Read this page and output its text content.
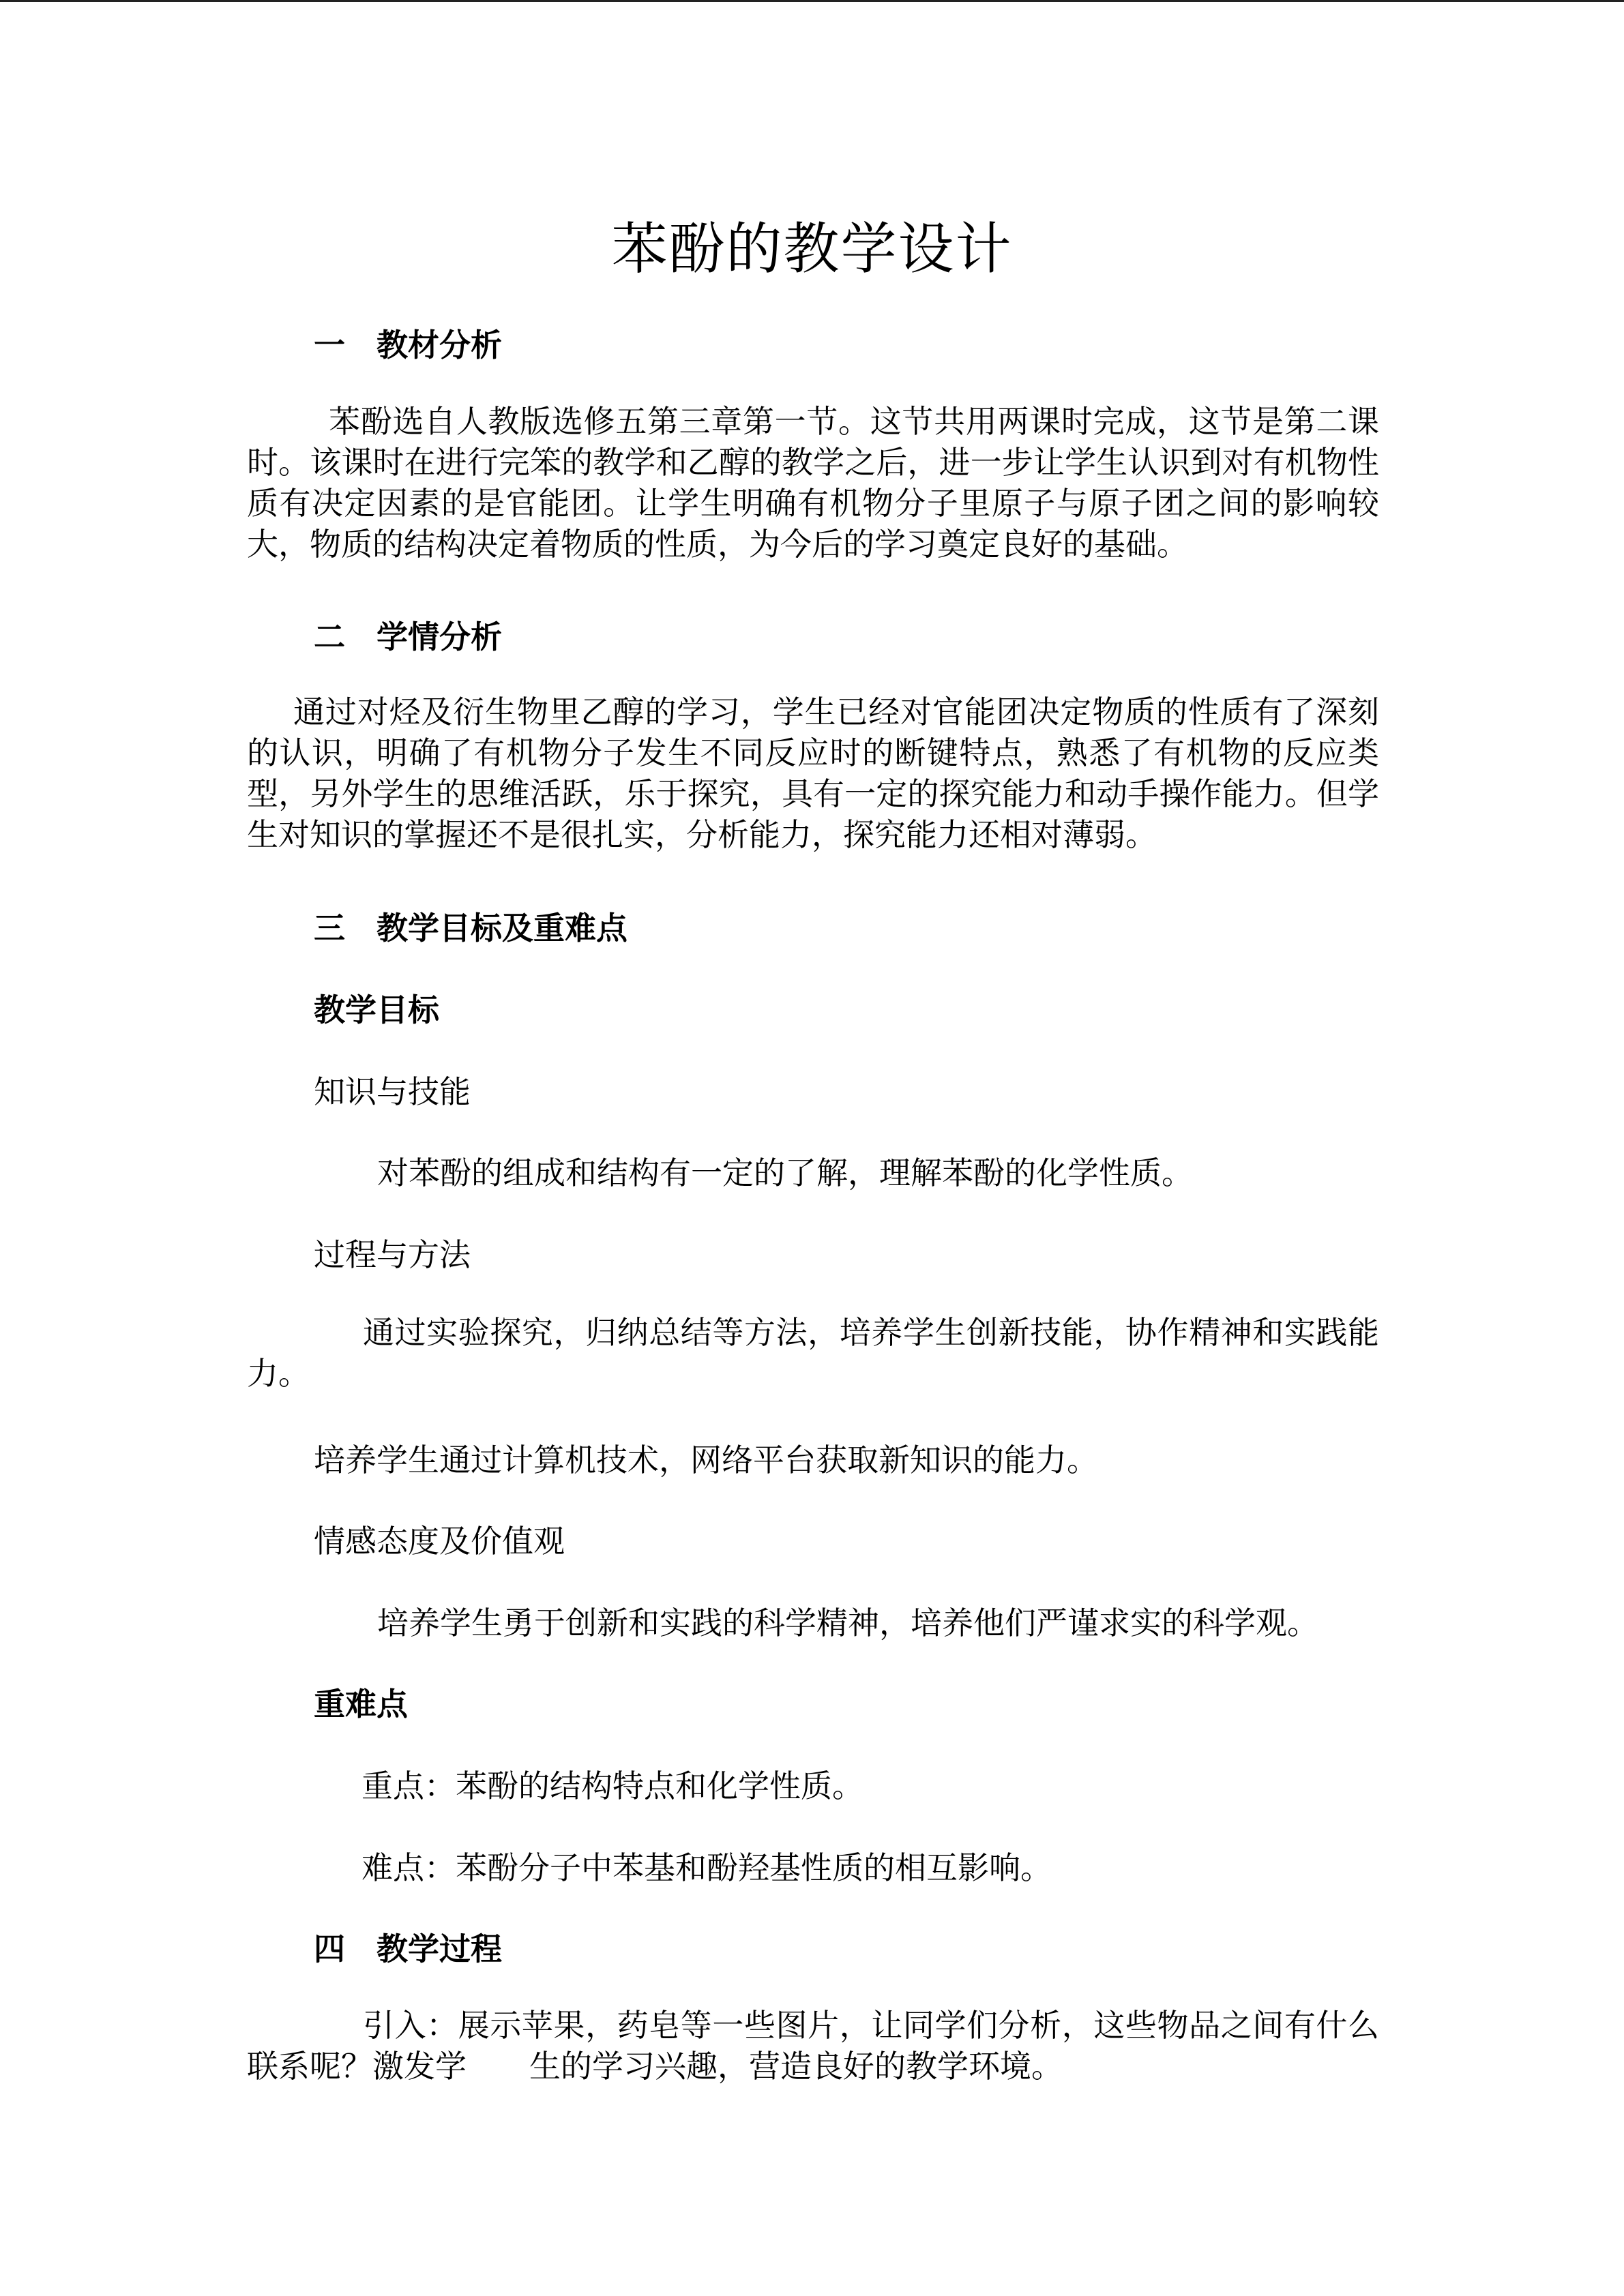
苯酚的教学设计
一 教材分析
苯酚选自人教版选修五第三章第一节。这节共用两课时完成，这节是第二课时。该课时在进行完笨的教学和乙醇的教学之后，进一步让学生认识到对有机物性质有决定因素的是官能团。让学生明确有机物分子里原子与原子团之间的影响较大，物质的结构决定着物质的性质，为今后的学习奠定良好的基础。
二 学情分析
通过对烃及衍生物里乙醇的学习，学生已经对官能团决定物质的性质有了深刻的认识，明确了有机物分子发生不同反应时的断键特点，熟悉了有机物的反应类型，另外学生的思维活跃，乐于探究，具有一定的探究能力和动手操作能力。但学生对知识的掌握还不是很扎实，分析能力，探究能力还相对薄弱。
三 教学目标及重难点
教学目标
知识与技能
对苯酚的组成和结构有一定的了解，理解苯酚的化学性质。
过程与方法
通过实验探究，归纳总结等方法，培养学生创新技能，协作精神和实践能力。
培养学生通过计算机技术，网络平台获取新知识的能力。
情感态度及价值观
培养学生勇于创新和实践的科学精神，培养他们严谨求实的科学观。
重难点
重点：苯酚的结构特点和化学性质。
难点：苯酚分子中苯基和酚羟基性质的相互影响。
四 教学过程
引入：展示苹果，药皂等一些图片，让同学们分析，这些物品之间有什么联系呢？激发学　　生的学习兴趣，营造良好的教学环境。
